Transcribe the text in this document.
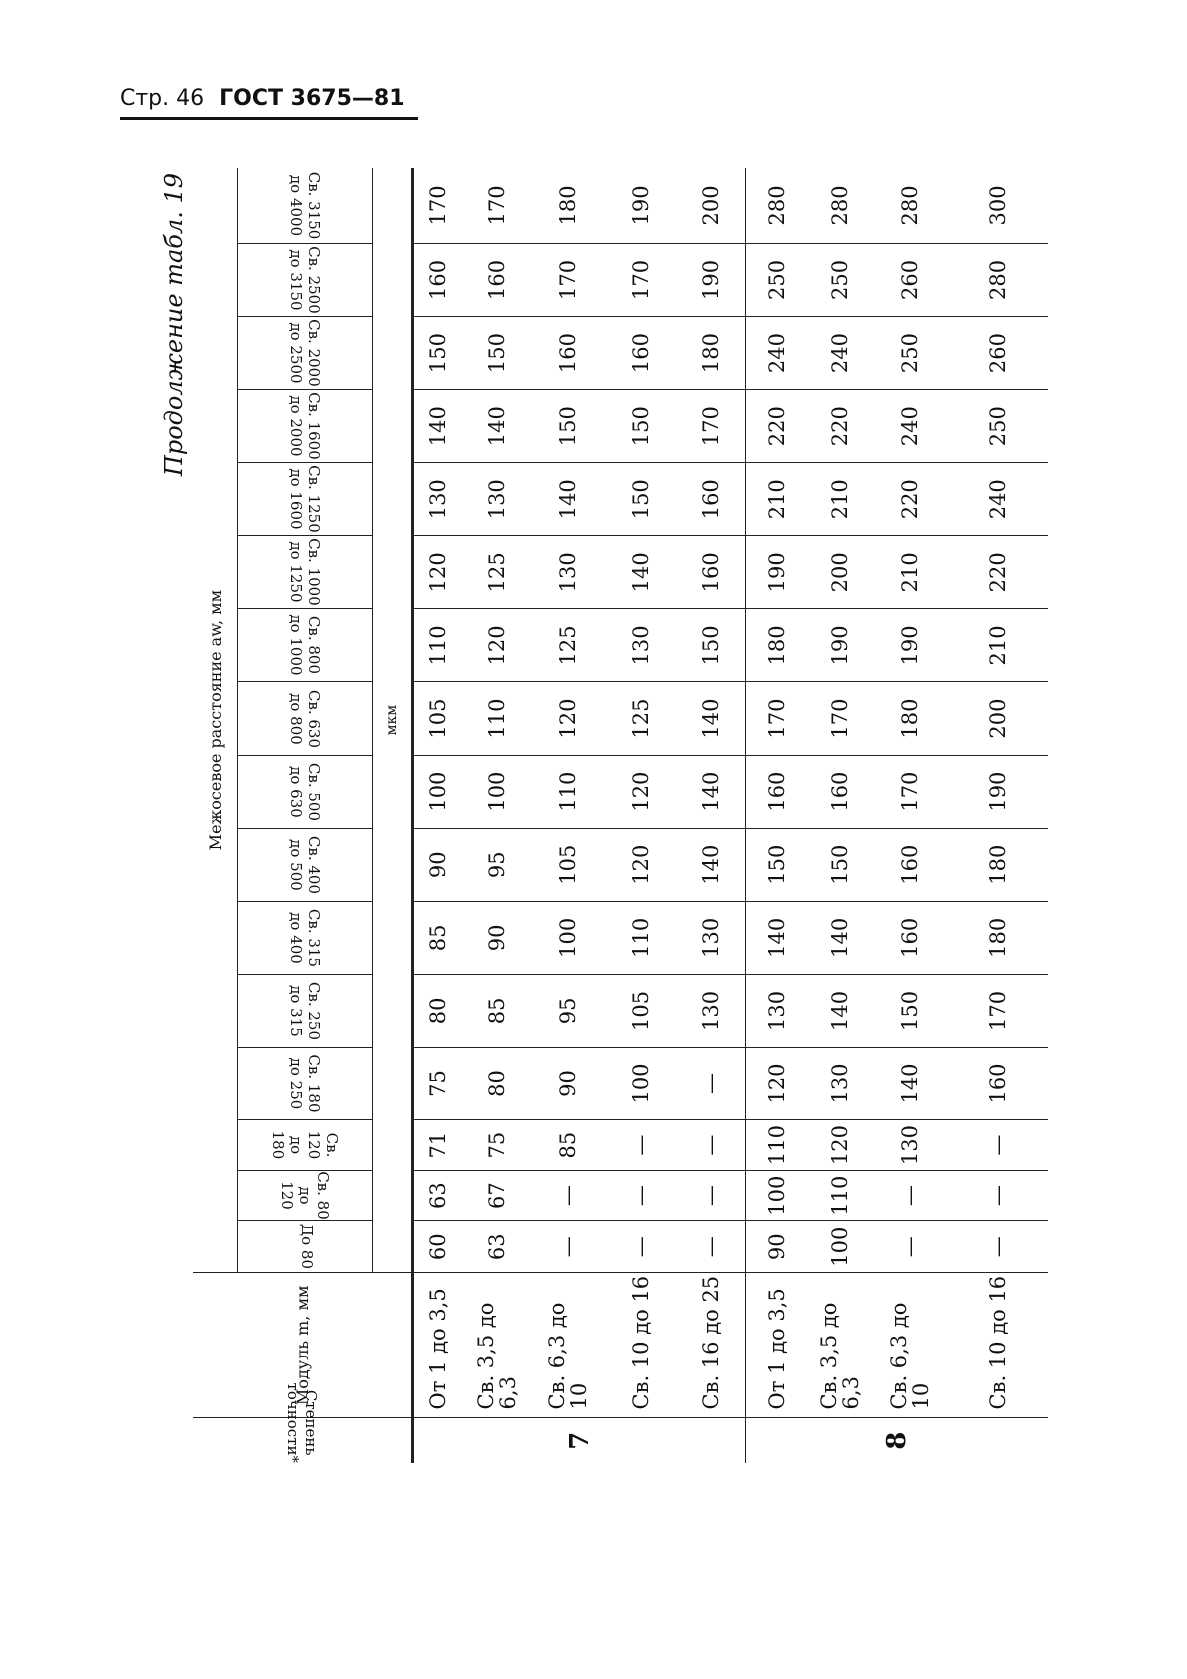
Стр. 46 ГОСТ 3675—81
Продолжение табл. 19
Степень точности*	Модуль m, мм	Межосевое расстояние aw, мм															
		До 80	Св. 80 до 120	Св. 120 до 180	Св. 180 до 250	Св. 250 до 315	Св. 315 до 400	Св. 400 до 500	Св. 500 до 630	Св. 630 до 800	Св. 800 до 1000	Св. 1000 до 1250	Св. 1250 до 1600	Св. 1600 до 2000	Св. 2000 до 2500	Св. 2500 до 3150	Св. 3150 до 4000
		мкм															
7	От 1 до 3,5	60	63	71	75	80	85	90	100	105	110	120	130	140	150	160	170
	Св. 3,5 до 6,3	63	67	75	80	85	90	95	100	110	120	125	130	140	150	160	170
	Св. 6,3 до 10	—	—	85	90	95	100	105	110	120	125	130	140	150	160	170	180
	Св. 10 до 16	—	—	—	100	105	110	120	120	125	130	140	150	150	160	170	190
	Св. 16 до 25	—	—	—	—	130	130	140	140	140	150	160	160	170	180	190	200
8	От 1 до 3,5	90	100	110	120	130	140	150	160	170	180	190	210	220	240	250	280
	Св. 3,5 до 6,3	100	110	120	130	140	140	150	160	170	190	200	210	220	240	250	280
	Св. 6,3 до 10	—	—	130	140	150	160	160	170	180	190	210	220	240	250	260	280
	Св. 10 до 16	—	—	—	160	170	180	180	190	200	210	220	240	250	260	280	300
